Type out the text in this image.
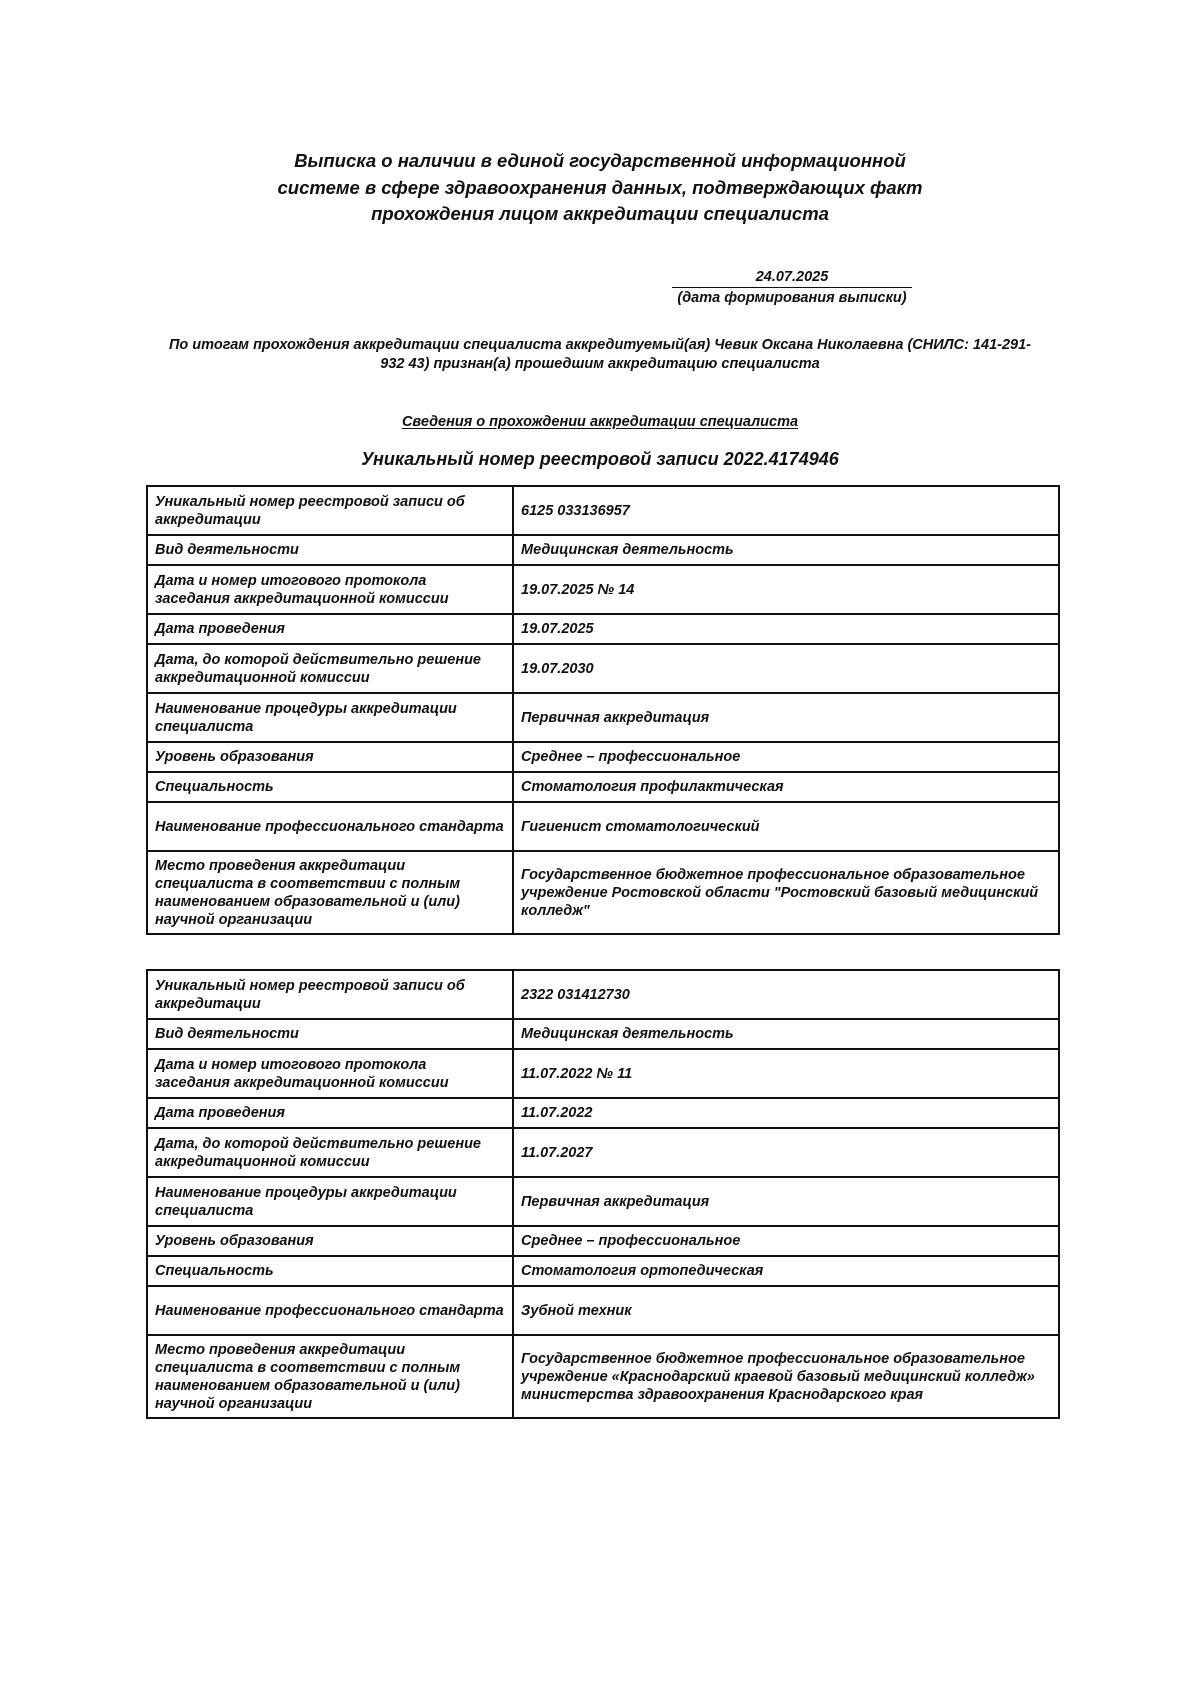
Выписка о наличии в единой государственной информационной
системе в сфере здравоохранения данных, подтверждающих факт
прохождения лицом аккредитации специалиста
24.07.2025
(дата формирования выписки)
По итогам прохождения аккредитации специалиста аккредитуемый(ая) Чевик Оксана Николаевна (СНИЛС: 141-291-
932 43) признан(а) прошедшим аккредитацию специалиста
Сведения о прохождении аккредитации специалиста
Уникальный номер реестровой записи 2022.4174946
Уникальный номер реестровой записи об аккредитации	6125 033136957
Вид деятельности	Медицинская деятельность
Дата и номер итогового протокола заседания аккредитационной комиссии	19.07.2025 № 14
Дата проведения	19.07.2025
Дата, до которой действительно решение аккредитационной комиссии	19.07.2030
Наименование процедуры аккредитации специалиста	Первичная аккредитация
Уровень образования	Среднее – профессиональное
Специальность	Стоматология профилактическая
Наименование профессионального стандарта	Гигиенист стоматологический
Место проведения аккредитации специалиста в соответствии с полным наименованием образовательной и (или) научной организации	Государственное бюджетное профессиональное образовательное учреждение Ростовской области "Ростовский базовый медицинский колледж"
Уникальный номер реестровой записи об аккредитации	2322 031412730
Вид деятельности	Медицинская деятельность
Дата и номер итогового протокола заседания аккредитационной комиссии	11.07.2022 № 11
Дата проведения	11.07.2022
Дата, до которой действительно решение аккредитационной комиссии	11.07.2027
Наименование процедуры аккредитации специалиста	Первичная аккредитация
Уровень образования	Среднее – профессиональное
Специальность	Стоматология ортопедическая
Наименование профессионального стандарта	Зубной техник
Место проведения аккредитации специалиста в соответствии с полным наименованием образовательной и (или) научной организации	Государственное бюджетное профессиональное образовательное учреждение «Краснодарский краевой базовый медицинский колледж» министерства здравоохранения Краснодарского края
